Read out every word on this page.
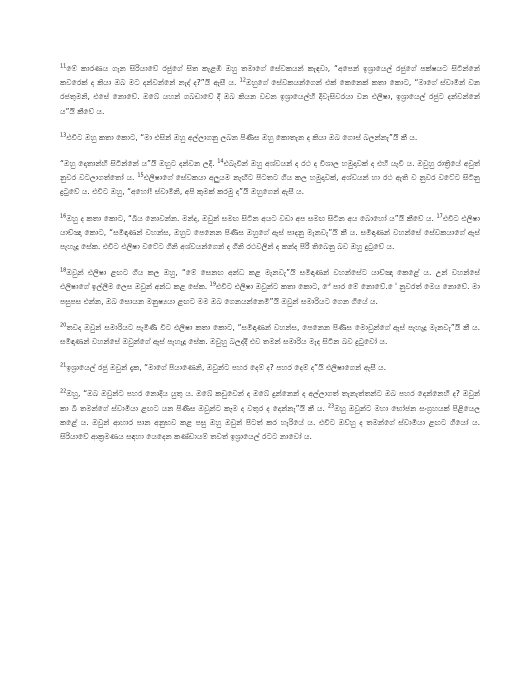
$^{11}$මේ කාරණය ගැන සිරියාවේ රජුගේ සිත කැළඹී ඔහු තමාගේ සේවකයන් කැඳවා, “අපෙන් ඉශ්‍රායෙල් රජුගේ පක්ෂයට සිටින්නේ කවරෙක් ද කියා ඔබ මට දන්වන්නේ නැද් ද?”යි ඇසී ය. $^{12}$ඔහුගේ සේවකයන්ගෙන් එක් කෙනෙක් කතා කොට, “මාගේ ස්වාමීන් වන රජතුමනි, එසේ නොවේ. ඔබේ යහන් ගබඩාවේ දී ඔබ කියන වචන ඉශ්‍රායෙල්හි දිවැසිවරයා වන එලිෂා, ඉශ්‍රායෙල් රජුට දන්වන්නේ ය”යි කීවේ ය.

$^{13}$එවිට ඔහු කතා කොට, “මා එසින් ඔහු අල්ලාගනු ලබන පිණිස ඔහු කොතැන ද කියා ඔබ ගොස් බලන්නැ”යි කී ය.

“ඔහු දොතාන්හි සිටින්නේ ය”යි ඔහුට දන්වන ලදි. $^{14}$එබැවින් ඔහු අශ්වයන් ද රථ ද විශාල හමුදාවක් ද එහි යැවී ය. ඔවුහු රාත්‍රියේ අවුත් නුවර වටලාගත්තෝ ය. $^{15}$එලිෂාගේ සේවකයා අලුයම නැඟිට පිටතට ගිය කල හමුදාවක්, අශ්වයන් හා රථ ඇති ව නුවර වටේට සිටිනු දුටුවේ ය. එවිට ඔහු, “අහෝ! ස්වාමීනි, අපි කුමක් කරමු ද”යි ඔහුගෙන් ඇසී ය.

$^{16}$ඔහු ද කතා කොට, “බිය නොවන්න. මන්ද, ඔවුන් සමඟ සිටින අයට වඩා අප සමඟ සිටින අය බොහෝ ය”යි කීවේ ය. $^{17}$එවිට එලිෂා යාච්ඤා කොට, “සමිඳාණන් වහන්ස, ඔහුට පෙනෙන පිණිස ඔහුගේ ඇස් පාදනු මැනවැ”යි කී ය. සමිඳාණන් වහන්සේ සේවකයාගේ ඇස් පැහැදූ සේක. එවිට එලිෂා වටේට ගිනි අශ්වයන්ගෙන් ද ගිනි රථවලින් ද කන්ද පිරී තිබෙනු බව ඔහු දුටුවේ ය.

$^{18}$ඔවුන් එලිෂා ළඟට ගිය කල ඔහු, “මේ සෙනඟ අන්ධ කළ මැනවැ”යි සමිඳාණන් වහන්සේට යාච්ඤා කෙළේ ය. උන් වහන්සේ එලිෂාගේ ඉල්ලීම ලෙස ඔවුන් අන්ධ කළ සේක. $^{19}$එවිට එලිෂා ඔවුන්ට කතා කොට, “ේ පාර මේ නොවේ. ේ නුවරත් මෙය නොවේ. මා පසුපස එන්න, ඔබ සොයන මනුෂ්‍යයා ළඟට මම ඔබ ගෙනයන්නෙමි”යි ඔවුන් සමාරියට ගෙන ගියේ ය.

$^{20}$තවද ඔවුන් සමාරියට පැමිණි විට එලිෂා කතා කොට, “සමිඳාණන් වහන්ස, පෙනෙන පිණිස මොවුන්ගේ ඇස් පැහැදූ මැනවැ”යි කී ය. සමිඳාණන් වහන්සේ ඔවුන්ගේ ඇස් පැහැදූ සේක. ඔවුහු බලද්දී එව තමන් සමාරිය මැද සිටින බව දුටුවෝ ය.

$^{21}$ඉශ්‍රායෙල් රජු ඔවුන් දැක, “මාගේ පියාණෙනි, ඔවුන්ට පහර දෙම් ද? පහර දෙම් ද”යි එලිෂාගෙන් ඇසී ය.

$^{22}$ඔහු, “ඔබ ඔවුන්ට පහර නොදිය යුතු ය. ඔබේ කඩුවෙන් ද ඔබේ දුන්නෙන් ද අල්ලාගත් තැනැත්තන්ට ඔබ පහර දෙන්නෙහි ද? ඔවුන් කා බී තමන්ගේ ස්වාමියා ළඟට යන පිණිස ඔවුන්ට කෑම ද වතුර ද දෙන්නැ”යි කී ය. $^{23}$ඔහු ඔවුන්ට මහා භෝජන සංග්‍රහයක් පිළියෙල කළේ ය. ඔවුන් ආහාර පාන අනුභව කළ පසු ඔහු ඔවුන් පිටත් කර හැරියේ ය. එවිට ඔව්හු ද තමන්ගේ ස්වාමියා ළඟට ගියෝ ය. සිරියාවේ ආක්‍රමණය සඳහා යෙදෙන කණ්ඩායම් තවත් ඉශ්‍රායෙල් රටට නාවෝ ය.
